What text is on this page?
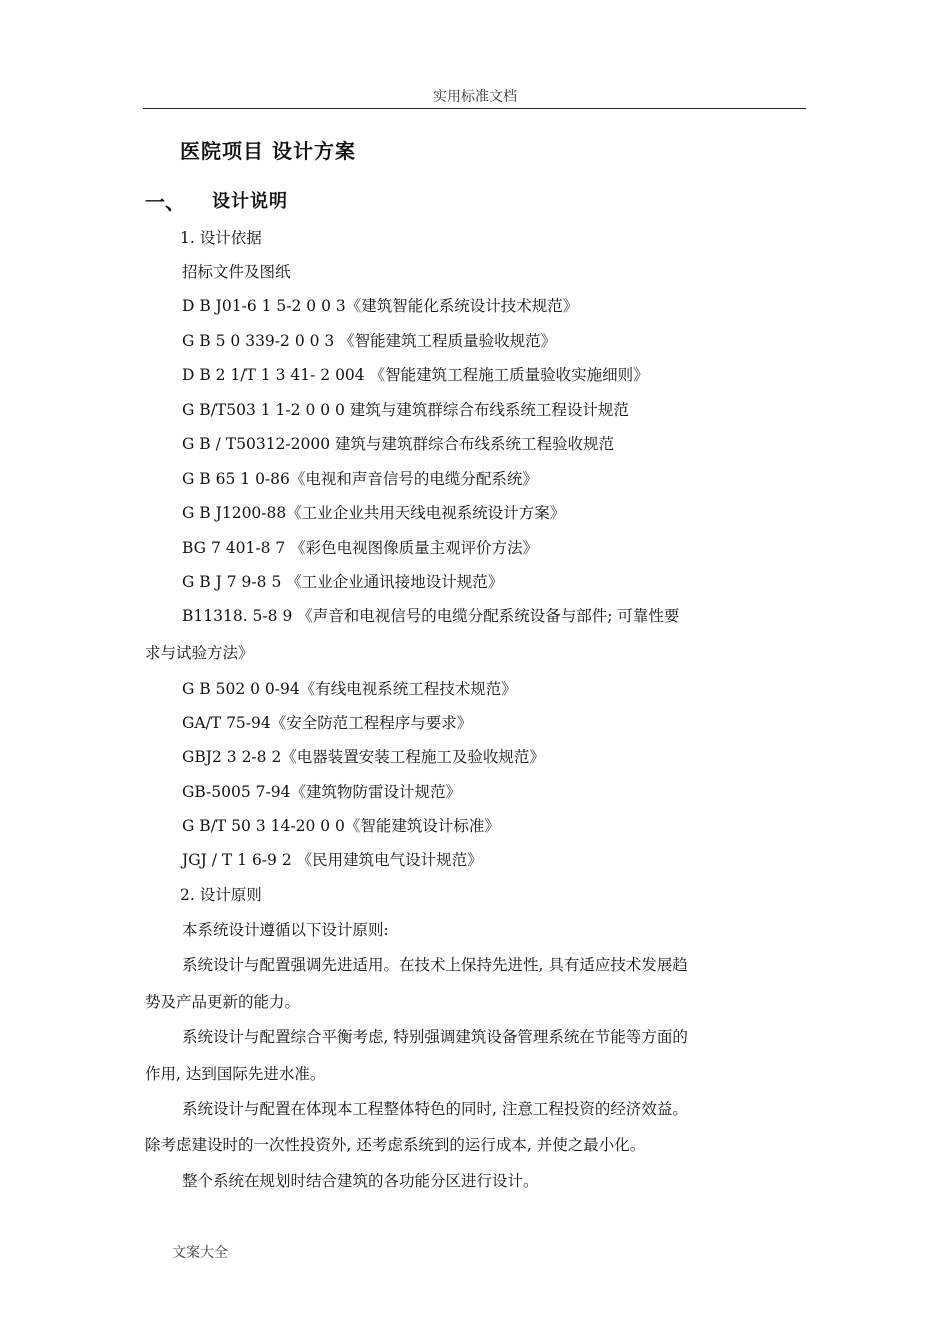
实用标准文档
医院项目 设计方案
一、 设计说明
1. 设计依据
招标文件及图纸
D B J01-6 1 5-2 0 0 3《建筑智能化系统设计技术规范》
G B 5 0 339-2 0 0 3 《智能建筑工程质量验收规范》
D B 2 1/T 1 3 41- 2 004 《智能建筑工程施工质量验收实施细则》
G B/T503 1 1-2 0 0 0 建筑与建筑群综合布线系统工程设计规范
G B / T50312-2000 建筑与建筑群综合布线系统工程验收规范
G B 65 1 0-86《电视和声音信号的电缆分配系统》
G B J1200-88《工业企业共用天线电视系统设计方案》
BG 7 401-8 7 《彩色电视图像质量主观评价方法》
G B J 7 9-8 5 《工业企业通讯接地设计规范》
B11318. 5-8 9 《声音和电视信号的电缆分配系统设备与部件; 可靠性要
求与试验方法》
G B 502 0 0-94《有线电视系统工程技术规范》
GA/T 75-94《安全防范工程程序与要求》
GBJ2 3 2-8 2《电器装置安装工程施工及验收规范》
GB-5005 7-94《建筑物防雷设计规范》
G B/T 50 3 14-20 0 0《智能建筑设计标准》
JGJ / T 1 6-9 2 《民用建筑电气设计规范》
2. 设计原则
本系统设计遵循以下设计原则:
系统设计与配置强调先进适用。在技术上保持先进性, 具有适应技术发展趋
势及产品更新的能力。
系统设计与配置综合平衡考虑, 特别强调建筑设备管理系统在节能等方面的
作用, 达到国际先进水准。
系统设计与配置在体现本工程整体特色的同时, 注意工程投资的经济效益。
除考虑建设时的一次性投资外, 还考虑系统到的运行成本, 并使之最小化。
整个系统在规划时结合建筑的各功能分区进行设计。
文案大全
